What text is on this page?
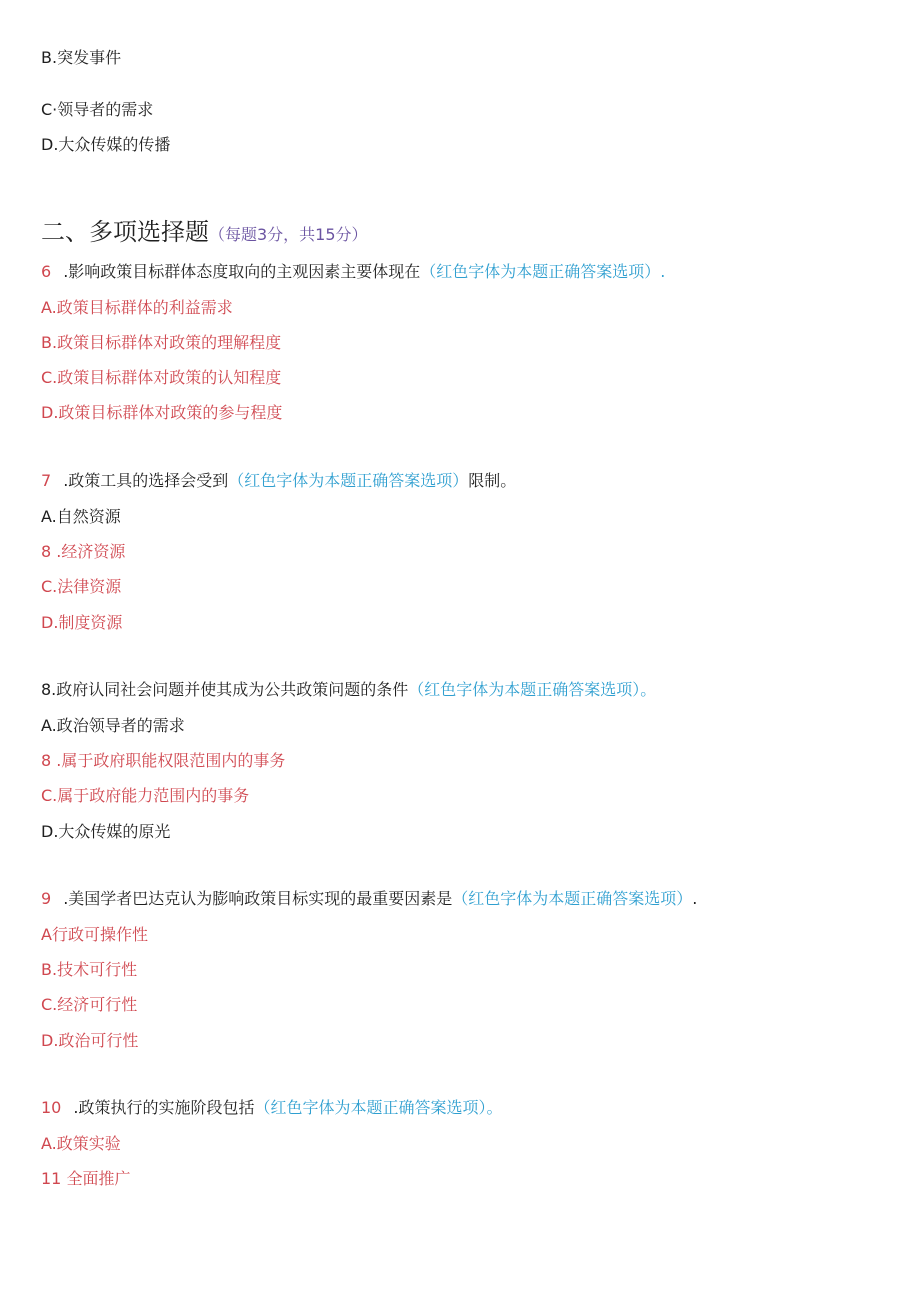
B.突发事件
C·领导者的需求
D.大众传媒的传播
二、多项选择题（每题3分，共15分）
6 .影响政策目标群体态度取向的主观因素主要体现在（红色字体为本题正确答案选项）.
A.政策目标群体的利益需求
B.政策目标群体对政策的理解程度
C.政策目标群体对政策的认知程度
D.政策目标群体对政策的参与程度
7 .政策工具的选择会受到（红色字体为本题正确答案选项）限制。
A.自然资源
8 .经济资源
C.法律资源
D.制度资源
8.政府认同社会问题并使其成为公共政策问题的条件（红色字体为本题正确答案选项）。
A.政治领导者的需求
8 .属于政府职能权限范围内的事务
C.属于政府能力范围内的事务
D.大众传媒的原光
9 .美国学者巴达克认为膨响政策目标实现的最重要因素是（红色字体为本题正确答案选项）.
A行政可操作性
B.技术可行性
C.经济可行性
D.政治可行性
10 .政策执行的实施阶段包括（红色字体为本题正确答案选项）。
A.政策实验
11 全面推广
